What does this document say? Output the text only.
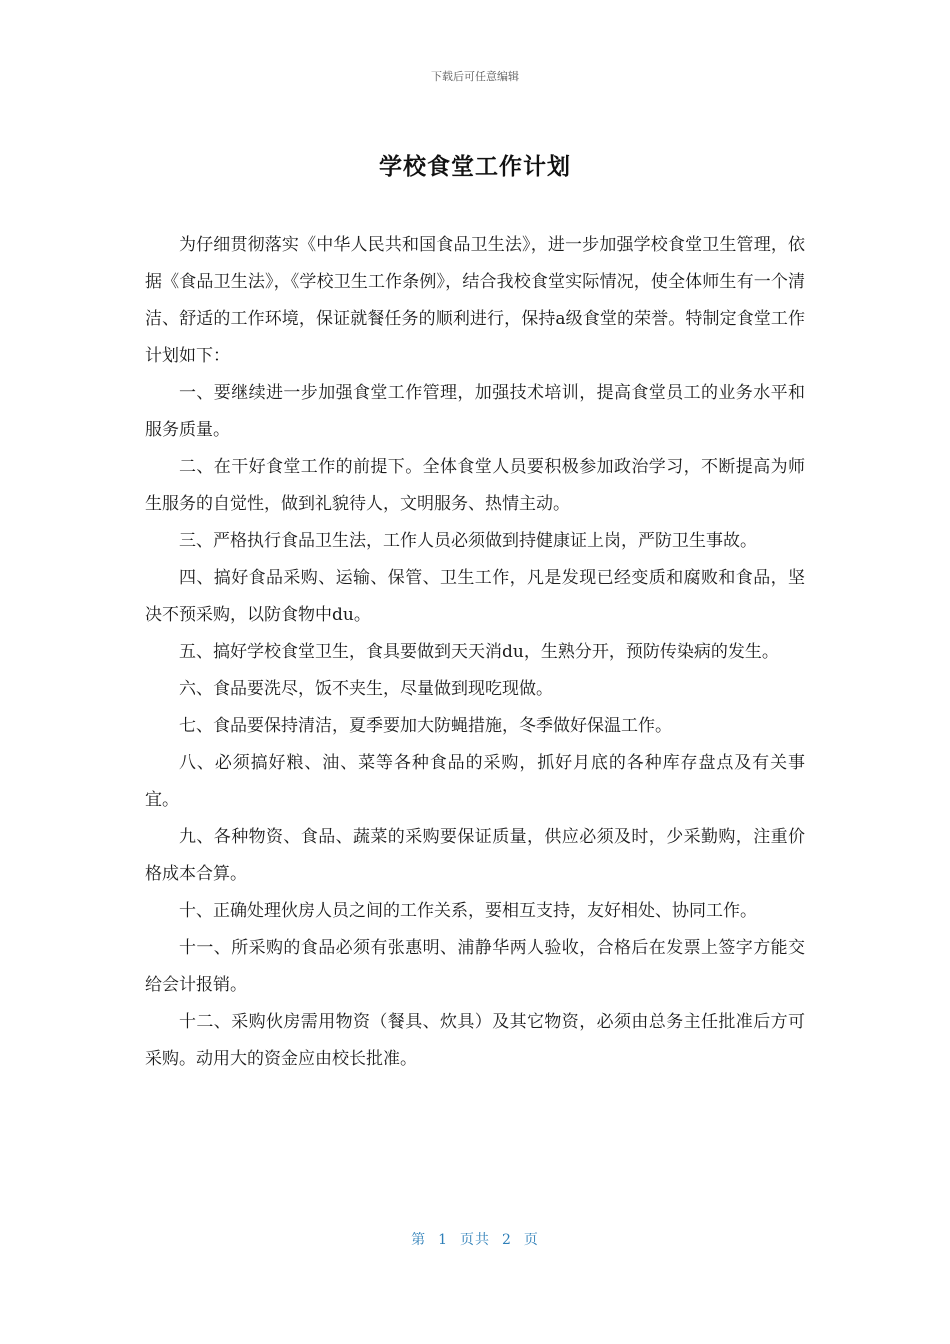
下载后可任意编辑
学校食堂工作计划

为仔细贯彻落实《中华人民共和国食品卫生法》，进一步加强学校食堂卫生管理，依据《食品卫生法》，《学校卫生工作条例》，结合我校食堂实际情况，使全体师生有一个清洁、舒适的工作环境，保证就餐任务的顺利进行，保持a级食堂的荣誉。特制定食堂工作计划如下：

一、要继续进一步加强食堂工作管理，加强技术培训，提高食堂员工的业务水平和服务质量。

二、在干好食堂工作的前提下。全体食堂人员要积极参加政治学习，不断提高为师生服务的自觉性，做到礼貌待人，文明服务、热情主动。

三、严格执行食品卫生法，工作人员必须做到持健康证上岗，严防卫生事故。

四、搞好食品采购、运输、保管、卫生工作，凡是发现已经变质和腐败和食品，坚决不预采购，以防食物中du。

五、搞好学校食堂卫生，食具要做到天天消du，生熟分开，预防传染病的发生。

六、食品要洗尽，饭不夹生，尽量做到现吃现做。

七、食品要保持清洁，夏季要加大防蝇措施，冬季做好保温工作。

八、必须搞好粮、油、菜等各种食品的采购，抓好月底的各种库存盘点及有关事宜。

九、各种物资、食品、蔬菜的采购要保证质量，供应必须及时，少采勤购，注重价格成本合算。

十、正确处理伙房人员之间的工作关系，要相互支持，友好相处、协同工作。

十一、所采购的食品必须有张惠明、浦静华两人验收，合格后在发票上签字方能交给会计报销。

十二、采购伙房需用物资（餐具、炊具）及其它物资，必须由总务主任批准后方可采购。动用大的资金应由校长批准。

第 1 页共 2 页
